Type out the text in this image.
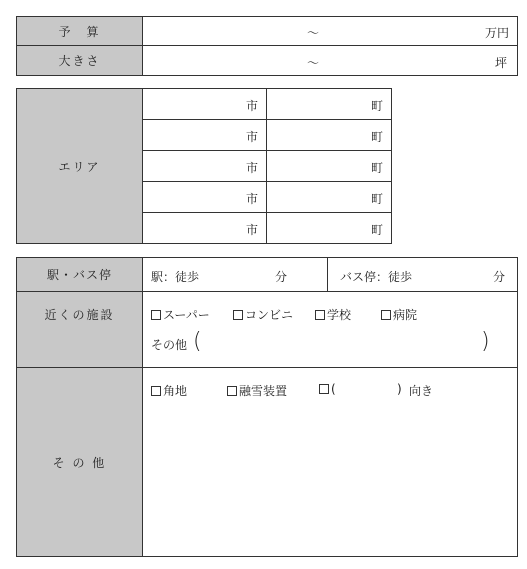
予　算	〜	万円
大きさ	〜	坪
エリア
市	町
市	町
市	町
市	町
市	町
駅・バス停	駅：徒歩	分	バス停：徒歩	分
近くの施設	スーパー	コンビニ	学校	病院
その他 (	)
そ の 他
角地	融雪装置	(	) 向き
